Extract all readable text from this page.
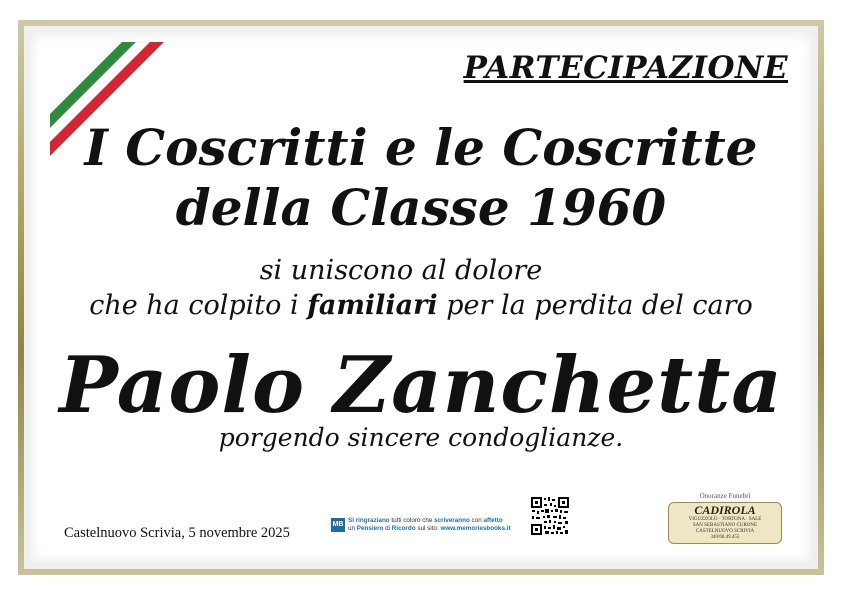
PARTECIPAZIONE
I Coscritti e le Coscritte
della Classe 1960
si uniscono al dolore
che ha colpito i familiari per la perdita del caro
Paolo Zanchetta
porgendo sincere condoglianze.
Castelnuovo Scrivia, 5 novembre 2025
MB
Si ringraziano tutti coloro che scriveranno con affetto
un Pensiero di Ricordo sul sito: www.memoriesbooks.it
Onoranze Funebri
CADIROLA
VIGUZZOLO · TORTONA · SALE
SAN SEBASTIANO CURONE
CASTELNUOVO SCRIVIA
340/68.49.455
